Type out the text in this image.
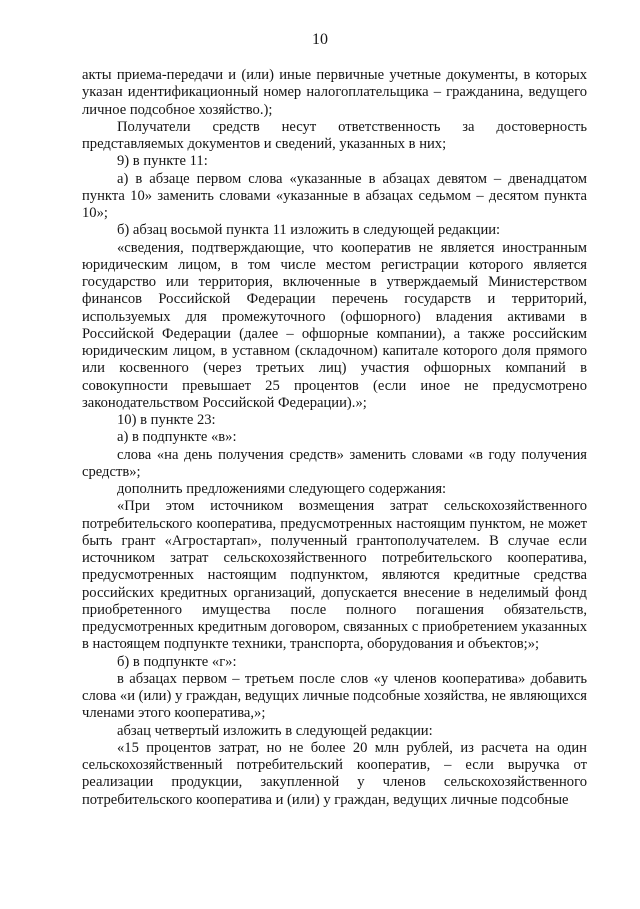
10

акты приема-передачи и (или) иные первичные учетные документы, в которых указан идентификационный номер налогоплательщика – гражданина, ведущего личное подсобное хозяйство.);

Получатели средств несут ответственность за достоверность представляемых документов и сведений, указанных в них;

9) в пункте 11:

а) в абзаце первом слова «указанные в абзацах девятом – двенадцатом пункта 10» заменить словами «указанные в абзацах седьмом – десятом пункта 10»;

б) абзац восьмой пункта 11 изложить в следующей редакции:

«сведения, подтверждающие, что кооператив не является иностранным юридическим лицом, в том числе местом регистрации которого является государство или территория, включенные в утверждаемый Министерством финансов Российской Федерации перечень государств и территорий, используемых для промежуточного (офшорного) владения активами в Российской Федерации (далее – офшорные компании), а также российским юридическим лицом, в уставном (складочном) капитале которого доля прямого или косвенного (через третьих лиц) участия офшорных компаний в совокупности превышает 25 процентов (если иное не предусмотрено законодательством Российской Федерации).»;

10) в пункте 23:

а) в подпункте «в»:

слова «на день получения средств» заменить словами «в году получения средств»;

дополнить предложениями следующего содержания:

«При этом источником возмещения затрат сельскохозяйственного потребительского кооператива, предусмотренных настоящим пунктом, не может быть грант «Агростартап», полученный грантополучателем. В случае если источником затрат сельскохозяйственного потребительского кооператива, предусмотренных настоящим подпунктом, являются кредитные средства российских кредитных организаций, допускается внесение в неделимый фонд приобретенного имущества после полного погашения обязательств, предусмотренных кредитным договором, связанных с приобретением указанных в настоящем подпункте техники, транспорта, оборудования и объектов;»;

б) в подпункте «г»:

в абзацах первом – третьем после слов «у членов кооператива» добавить слова «и (или) у граждан, ведущих личные подсобные хозяйства, не являющихся членами этого кооператива,»;

абзац четвертый изложить в следующей редакции:

«15 процентов затрат, но не более 20 млн рублей, из расчета на один сельскохозяйственный потребительский кооператив, – если выручка от реализации продукции, закупленной у членов сельскохозяйственного потребительского кооператива и (или) у граждан, ведущих личные подсобные
